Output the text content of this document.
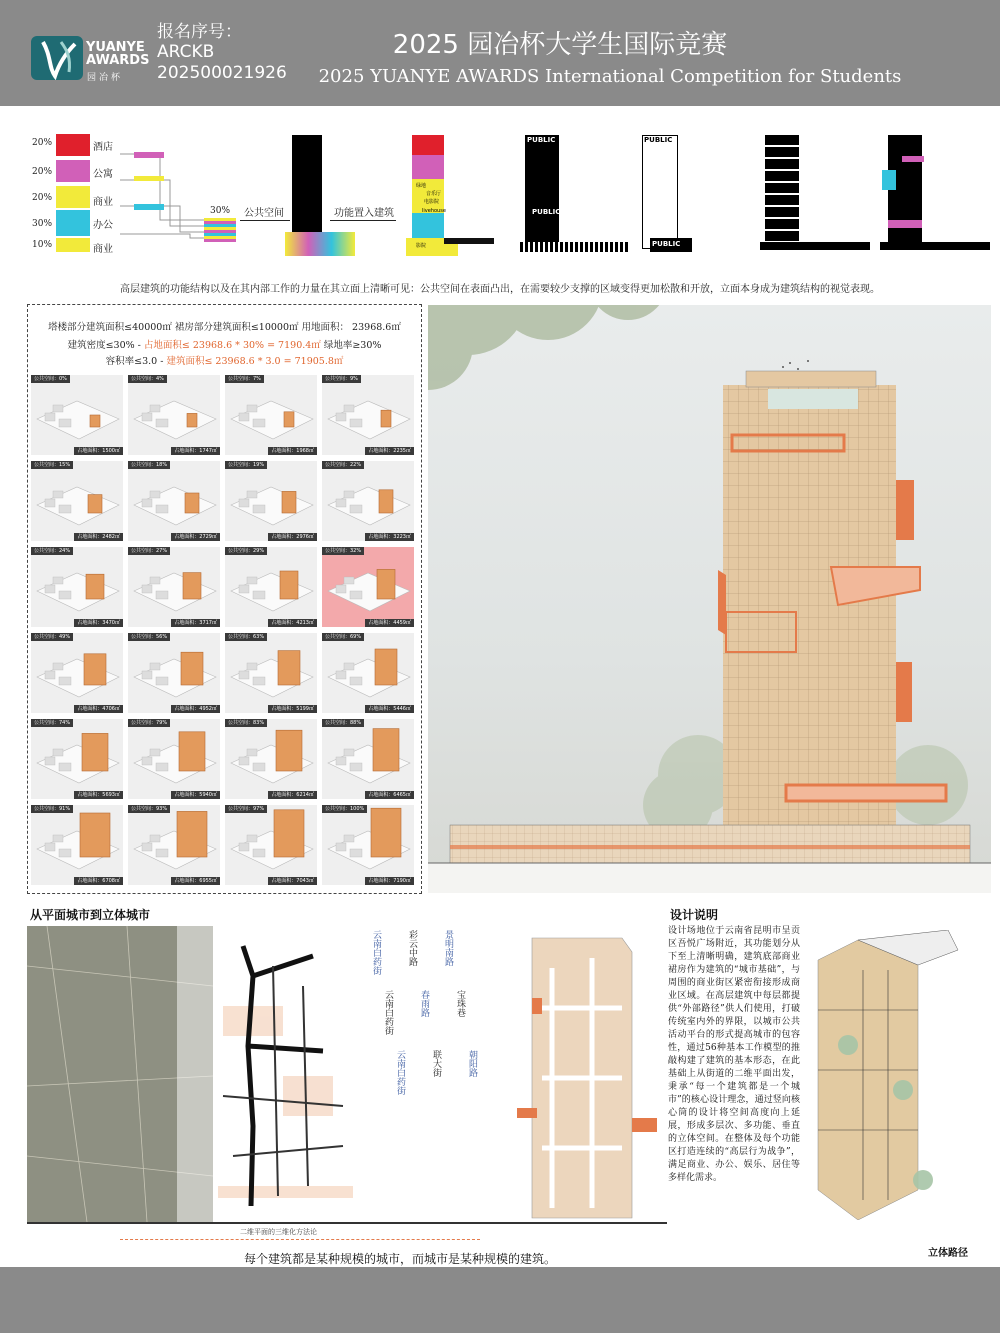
YUANYE AWARDS
园冶杯
报名序号：
ARCKB
202500021926
2025 园冶杯大学生国际竞赛
2025 YUANYE AWARDS International Competition for Students
20%
20%
20%
30%
10%
酒店
公寓
商业
办公
商业
30% 公共空间	功能置入建筑
绿地
音乐厅
电影院
livehouse
影院
PUBLIC
PUBLIC
PUBLIC
PUBLIC
高层建筑的功能结构以及在其内部工作的力量在其立面上清晰可见：公共空间在表面凸出，在需要较少支撑的区域变得更加松散和开放，立面本身成为建筑结构的视觉表现。
塔楼部分建筑面积≤40000㎡ 裙房部分建筑面积≤10000㎡ 用地面积： 23968.6㎡
建筑密度≤30% - 占地面积≤ 23968.6 * 30% = 7190.4㎡ 绿地率≥30%
容积率≤3.0 - 建筑面积≤ 23968.6 * 3.0 = 71905.8㎡
公共空间：0%
占地面积：1500㎡
公共空间：4%
占地面积：1747㎡
公共空间：7%
占地面积：1968㎡
公共空间：9%
占地面积：2235㎡
公共空间：15%
占地面积：2482㎡
公共空间：18%
占地面积：2729㎡
公共空间：19%
占地面积：2976㎡
公共空间：22%
占地面积：3223㎡
公共空间：24%
占地面积：3470㎡
公共空间：27%
占地面积：3717㎡
公共空间：29%
占地面积：4213㎡
公共空间：32%
占地面积：4459㎡
公共空间：49%
占地面积：4706㎡
公共空间：56%
占地面积：4952㎡
公共空间：63%
占地面积：5199㎡
公共空间：69%
占地面积：5446㎡
公共空间：74%
占地面积：5693㎡
公共空间：79%
占地面积：5940㎡
公共空间：83%
占地面积：6214㎡
公共空间：88%
占地面积：6465㎡
公共空间：91%
占地面积：6708㎡
公共空间：93%
占地面积：6955㎡
公共空间：97%
占地面积：7043㎡
公共空间：100%
占地面积：7190㎡
从平面城市到立体城市
云南白药街
云南白药街
云南白药街
彩云中路
春雨路
联大街
景明南路
宝珠巷
朝阳路
设计说明
设计场地位于云南省昆明市呈贡区吾悦广场附近，其功能划分从下至上清晰明确，建筑底部商业裙房作为建筑的“城市基础”，与周围的商业街区紧密衔接形成商业区域。在高层建筑中每层都提供“外部路径”供人们使用，打破传统室内外的界限，以城市公共活动平台的形式提高城市的包容性，通过56种基本工作模型的推敲构建了建筑的基本形态，在此基础上从街道的二维平面出发，秉承“每一个建筑都是一个城市”的核心设计理念，通过竖向核心筒的设计将空间高度向上延展，形成多层次、多功能、垂直的立体空间。在整体及每个功能区打造连续的“高层行为战争”，满足商业、办公、娱乐、居住等多样化需求。
二维平面的三维化方法论
每个建筑都是某种规模的城市，而城市是某种规模的建筑。	立体路径
